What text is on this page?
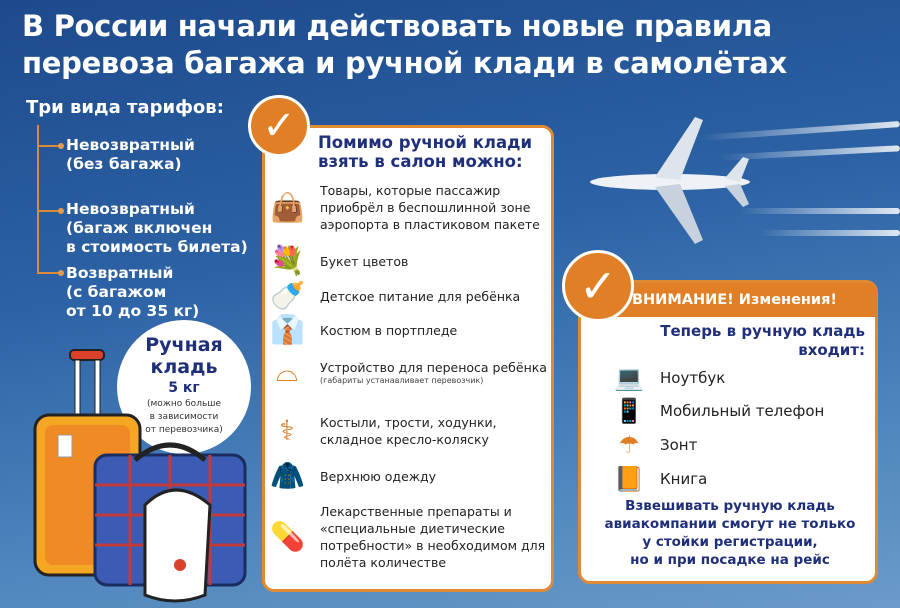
В России начали действовать новые правила
перевоза багажа и ручной клади в самолётах
Три вида тарифов:
Невозвратный
(без багажа)
Невозвратный
(багаж включен
в стоимость билета)
Возвратный
(с багажом
от 10 до 35 кг)
Ручная
кладь
5 кг
(можно больше
в зависимости
от перевозчика)
✓	Помимо ручной клади
взять в салон можно:
👜 Товары, которые пассажир приобрёл в беспошлинной зоне аэропорта в пластиковом пакете
💐 Букет цветов
🍼 Детское питание для ребёнка
👔 Костюм в портпледе
⌓	Устройство для переноса ребёнка
(габариты устанавливает перевозчик)
⚕	Костыли, трости, ходунки, складное кресло-коляску
🧥 Верхнюю одежду
💊
Лекарственные препараты и «специальные диетические потребности» в необходимом для полёта количестве
ВНИМАНИЕ! Изменения!
✓
Теперь в ручную кладь
входит:
💻 Ноутбук
📱 Мобильный телефон
☂	Зонт
📙 Книга
Взвешивать ручную кладь
авиакомпании смогут не только
у стойки регистрации,
но и при посадке на рейс
